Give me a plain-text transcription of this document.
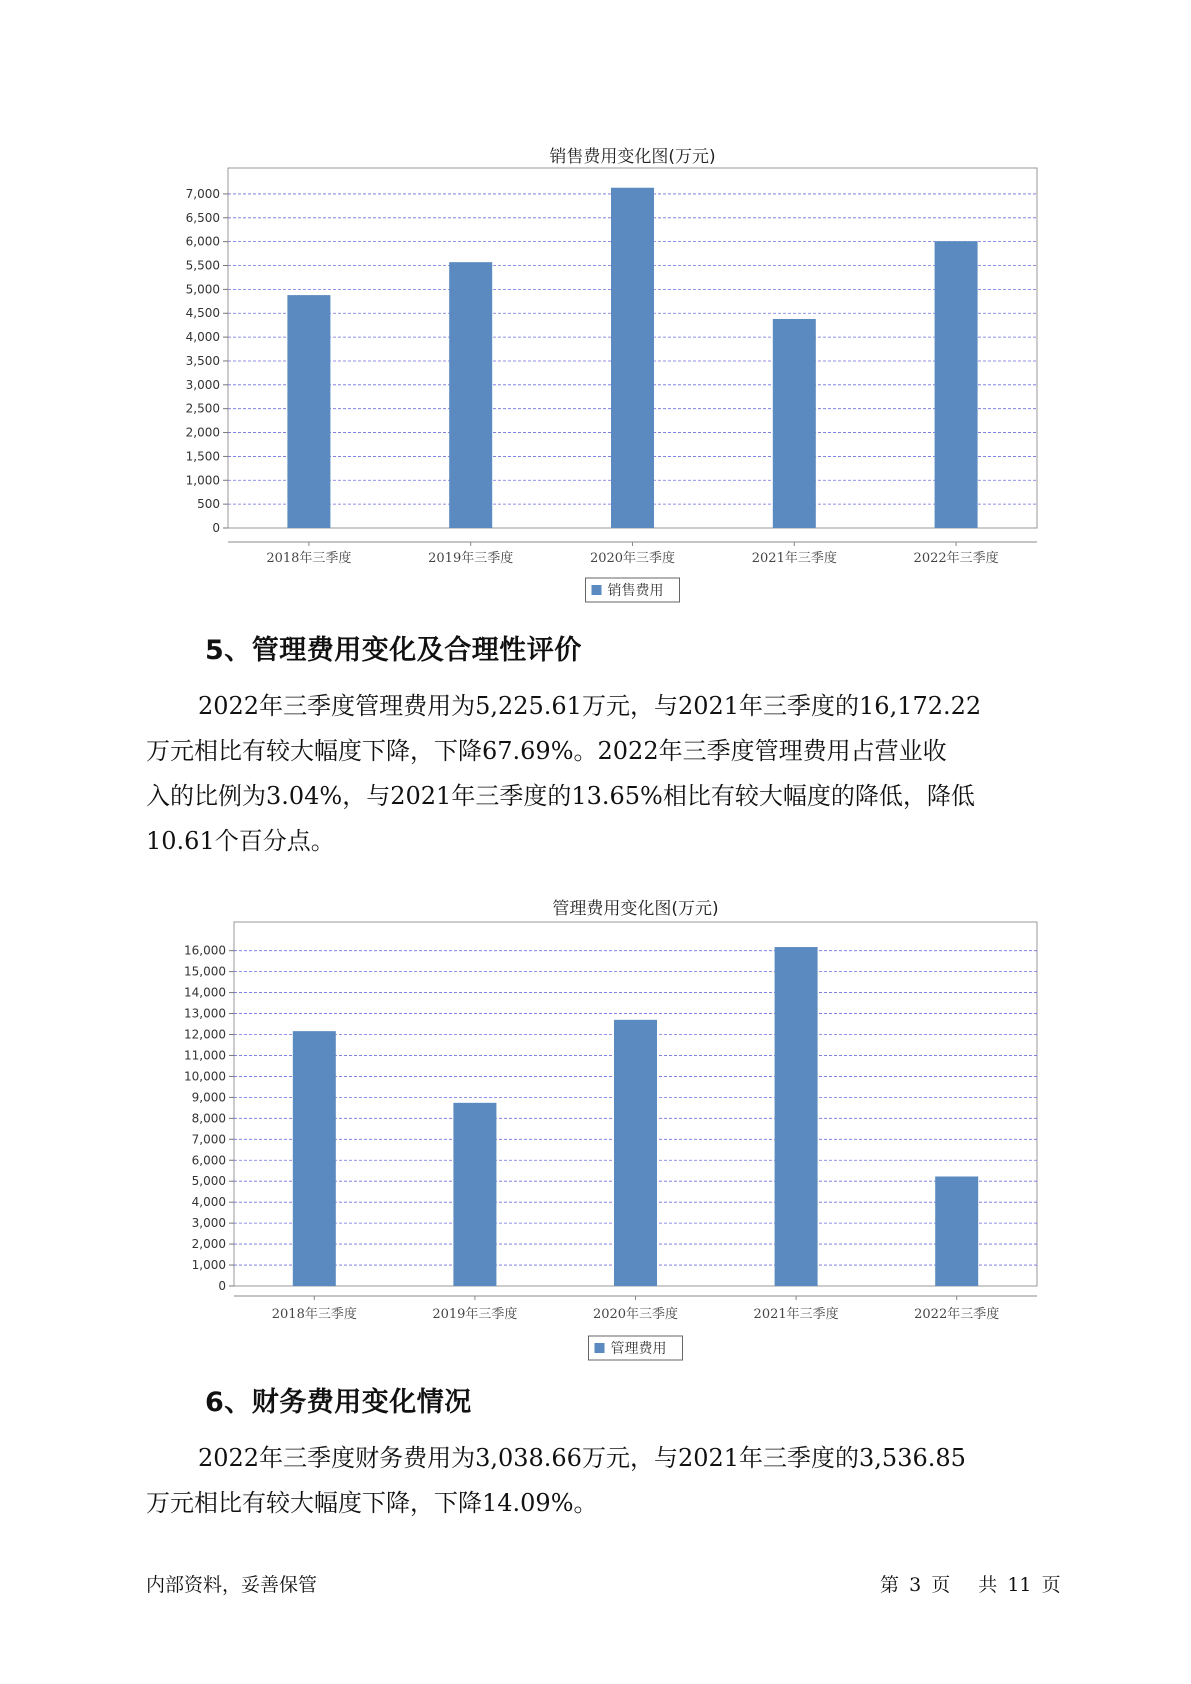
销售费用变化图(万元)
0
500
1,000
1,500
2,000
2,500
3,000
3,500
4,000
4,500
5,000
5,500
6,000
6,500
7,000
2018年三季度	2019年三季度	2020年三季度	2021年三季度	2022年三季度
销售费用
5、管理费用变化及合理性评价
2022年三季度管理费用为5,225.61万元，与2021年三季度的16,172.22
万元相比有较大幅度下降，下降67.69%。2022年三季度管理费用占营业收
入的比例为3.04%，与2021年三季度的13.65%相比有较大幅度的降低，降低
10.61个百分点。
管理费用变化图(万元)
0
1,000
2,000
3,000
4,000
5,000
6,000
7,000
8,000
9,000
10,000
11,000
12,000
13,000
14,000
15,000
16,000
2018年三季度	2019年三季度	2020年三季度	2021年三季度	2022年三季度
管理费用
6、财务费用变化情况
2022年三季度财务费用为3,038.66万元，与2021年三季度的3,536.85
万元相比有较大幅度下降，下降14.09%。
内部资料，妥善保管	第 3 页 共 11 页
